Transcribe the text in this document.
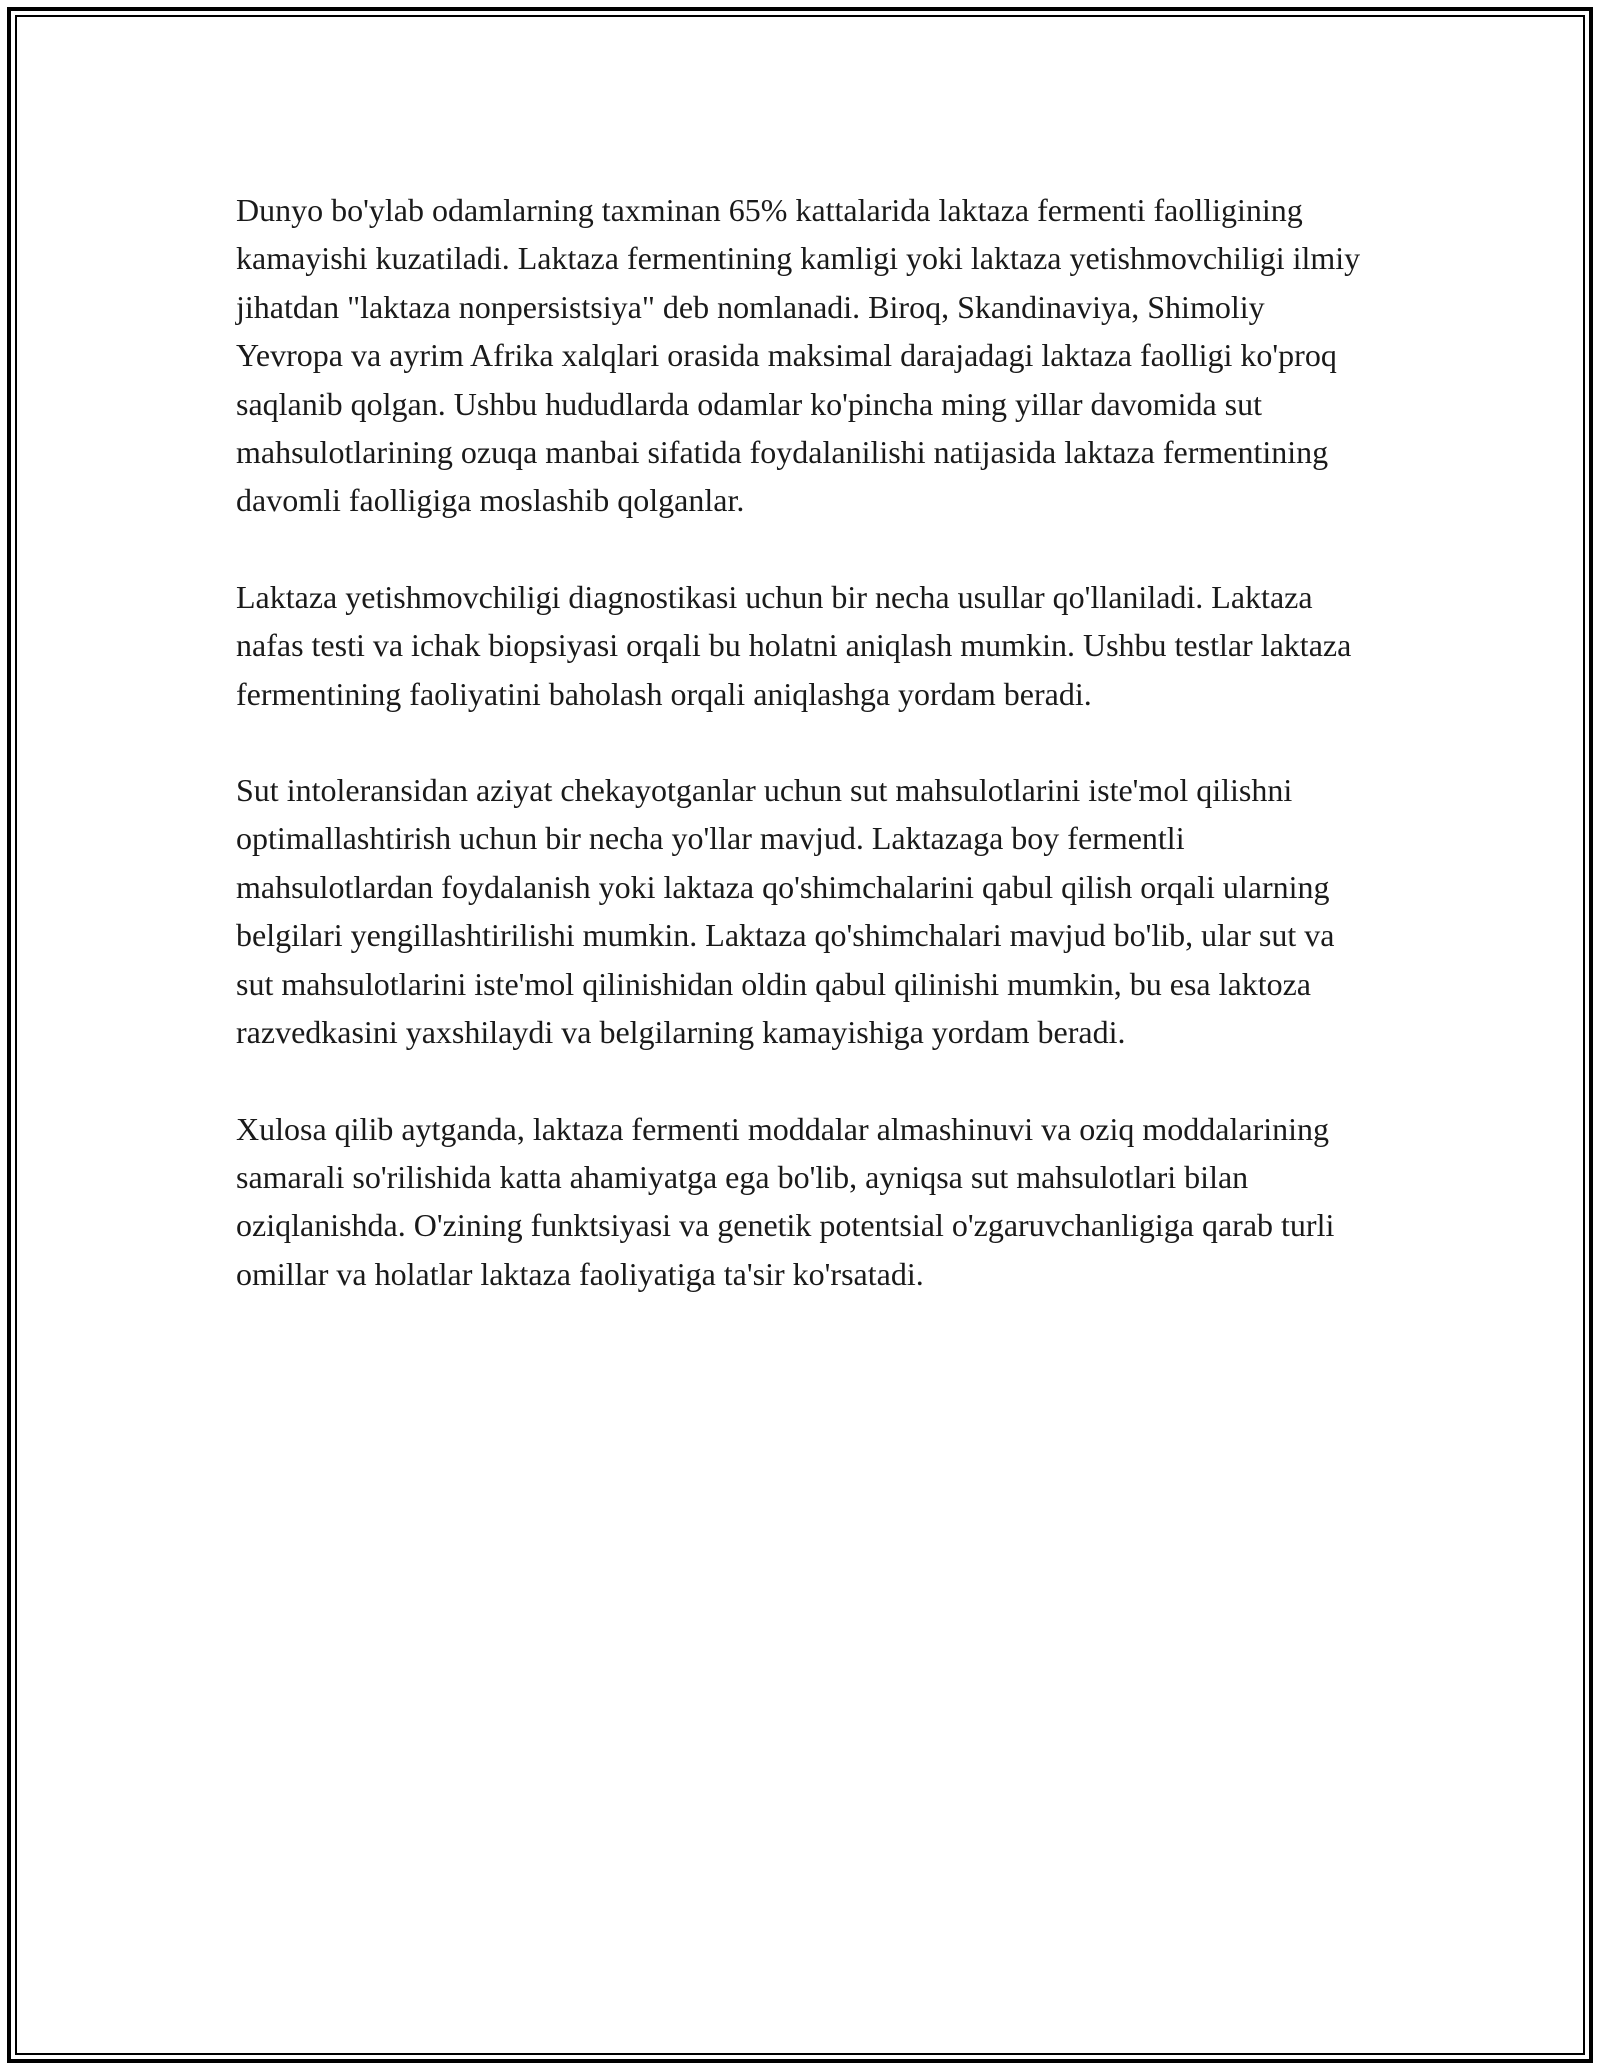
Dunyo bo'ylab odamlarning taxminan 65% kattalarida laktaza fermenti faolligining kamayishi kuzatiladi. Laktaza fermentining kamligi yoki laktaza yetishmovchiligi ilmiy jihatdan "laktaza nonpersistsiya" deb nomlanadi. Biroq, Skandinaviya, Shimoliy Yevropa va ayrim Afrika xalqlari orasida maksimal darajadagi laktaza faolligi ko'proq saqlanib qolgan. Ushbu hududlarda odamlar ko'pincha ming yillar davomida sut mahsulotlarining ozuqa manbai sifatida foydalanilishi natijasida laktaza fermentining davomli faolligiga moslashib qolganlar.

Laktaza yetishmovchiligi diagnostikasi uchun bir necha usullar qo'llaniladi. Laktaza nafas testi va ichak biopsiyasi orqali bu holatni aniqlash mumkin. Ushbu testlar laktaza fermentining faoliyatini baholash orqali aniqlashga yordam beradi.

Sut intoleransidan aziyat chekayotganlar uchun sut mahsulotlarini iste'mol qilishni optimallashtirish uchun bir necha yo'llar mavjud. Laktazaga boy fermentli mahsulotlardan foydalanish yoki laktaza qo'shimchalarini qabul qilish orqali ularning belgilari yengillashtirilishi mumkin. Laktaza qo'shimchalari mavjud bo'lib, ular sut va sut mahsulotlarini iste'mol qilinishidan oldin qabul qilinishi mumkin, bu esa laktoza razvedkasini yaxshilaydi va belgilarning kamayishiga yordam beradi.

Xulosa qilib aytganda, laktaza fermenti moddalar almashinuvi va oziq moddalarining samarali so'rilishida katta ahamiyatga ega bo'lib, ayniqsa sut mahsulotlari bilan oziqlanishda. O'zining funktsiyasi va genetik potentsial o'zgaruvchanligiga qarab turli omillar va holatlar laktaza faoliyatiga ta'sir ko'rsatadi.
